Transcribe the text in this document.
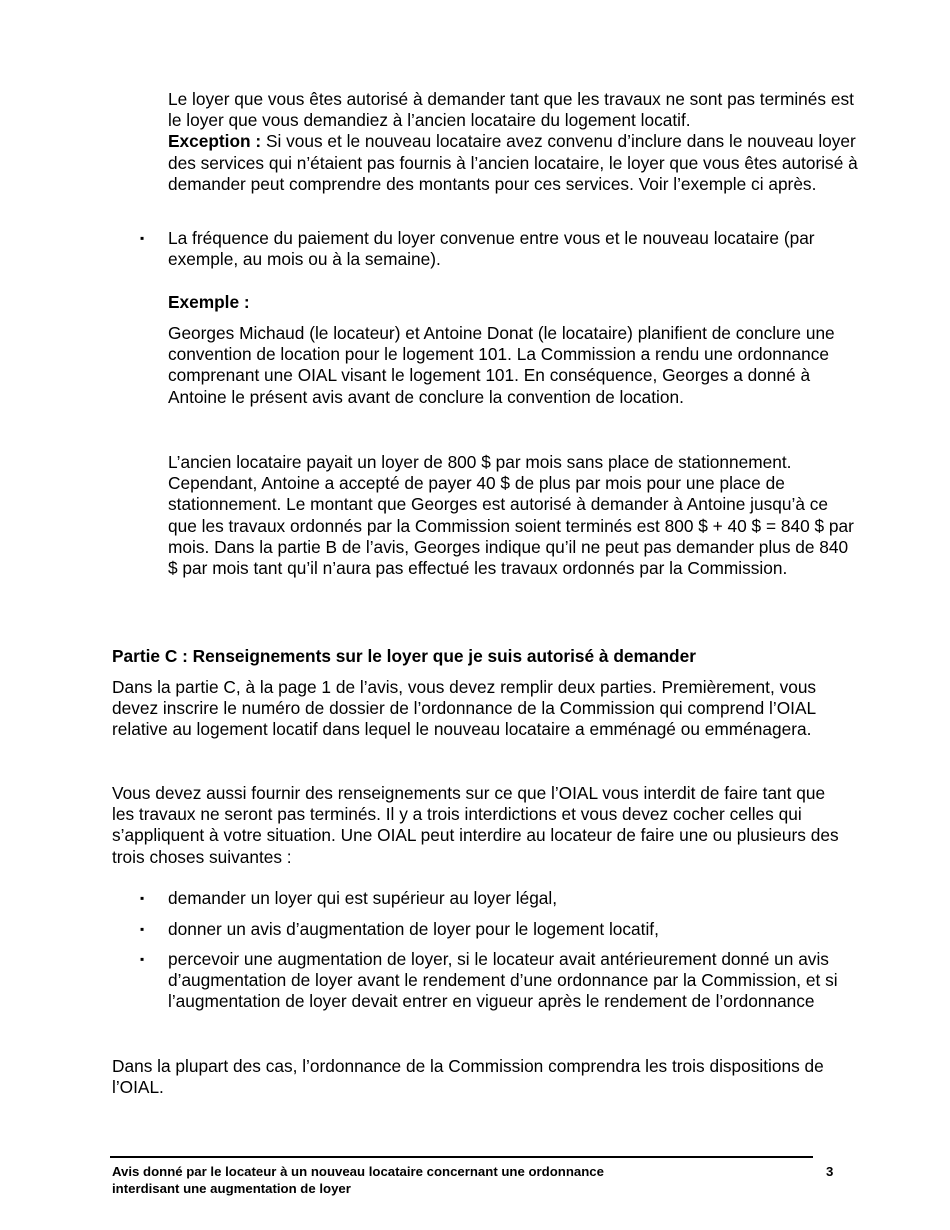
Le loyer que vous êtes autorisé à demander tant que les travaux ne sont pas terminés est le loyer que vous demandiez à l’ancien locataire du logement locatif.
Exception : Si vous et le nouveau locataire avez convenu d’inclure dans le nouveau loyer des services qui n’étaient pas fournis à l’ancien locataire, le loyer que vous êtes autorisé à demander peut comprendre des montants pour ces services. Voir l’exemple ci après.

▪ La fréquence du paiement du loyer convenue entre vous et le nouveau locataire (par exemple, au mois ou à la semaine).

Exemple :

Georges Michaud (le locateur) et Antoine Donat (le locataire) planifient de conclure une convention de location pour le logement 101. La Commission a rendu une ordonnance comprenant une OIAL visant le logement 101. En conséquence, Georges a donné à Antoine le présent avis avant de conclure la convention de location.

L’ancien locataire payait un loyer de 800 $ par mois sans place de stationnement. Cependant, Antoine a accepté de payer 40 $ de plus par mois pour une place de stationnement. Le montant que Georges est autorisé à demander à Antoine jusqu’à ce que les travaux ordonnés par la Commission soient terminés est 800 $ + 40 $ = 840 $ par mois. Dans la partie B de l’avis, Georges indique qu’il ne peut pas demander plus de 840 $ par mois tant qu’il n’aura pas effectué les travaux ordonnés par la Commission.

Partie C : Renseignements sur le loyer que je suis autorisé à demander

Dans la partie C, à la page 1 de l’avis, vous devez remplir deux parties. Premièrement, vous devez inscrire le numéro de dossier de l’ordonnance de la Commission qui comprend l’OIAL relative au logement locatif dans lequel le nouveau locataire a emménagé ou emménagera.

Vous devez aussi fournir des renseignements sur ce que l’OIAL vous interdit de faire tant que les travaux ne seront pas terminés. Il y a trois interdictions et vous devez cocher celles qui s’appliquent à votre situation. Une OIAL peut interdire au locateur de faire une ou plusieurs des trois choses suivantes :

▪ demander un loyer qui est supérieur au loyer légal,

▪ donner un avis d’augmentation de loyer pour le logement locatif,

▪ percevoir une augmentation de loyer, si le locateur avait antérieurement donné un avis d’augmentation de loyer avant le rendement d’une ordonnance par la Commission, et si l’augmentation de loyer devait entrer en vigueur après le rendement de l’ordonnance

Dans la plupart des cas, l’ordonnance de la Commission comprendra les trois dispositions de l’OIAL.

Avis donné par le locateur à un nouveau locataire concernant une ordonnance
interdisant une augmentation de loyer
3
